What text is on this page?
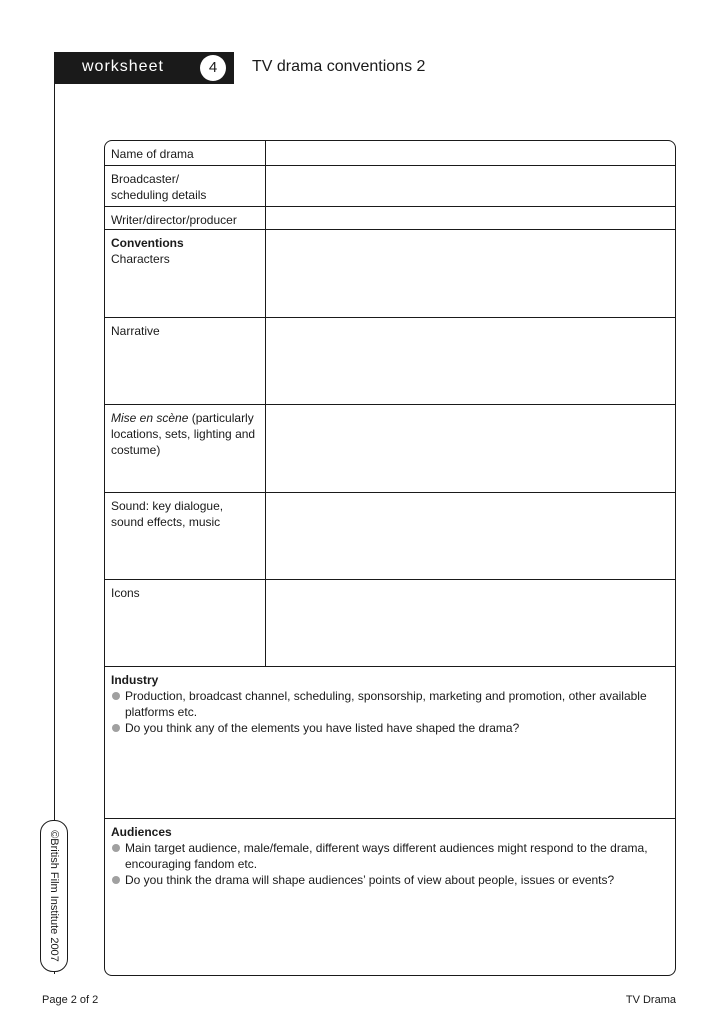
worksheet	4	TV drama conventions 2
©British Film Institute 2007
Name of drama
Broadcaster/
scheduling details
Writer/director/producer
Conventions
Characters
Narrative
Mise en scène (particularly locations, sets, lighting and costume)
Sound: key dialogue, sound effects, music
Icons
Industry
Production, broadcast channel, scheduling, sponsorship, marketing and promotion, other available platforms etc.
Do you think any of the elements you have listed have shaped the drama?
Audiences
Main target audience, male/female, different ways different audiences might respond to the drama, encouraging fandom etc.
Do you think the drama will shape audiences’ points of view about people, issues or events?
Page 2 of 2	TV Drama
